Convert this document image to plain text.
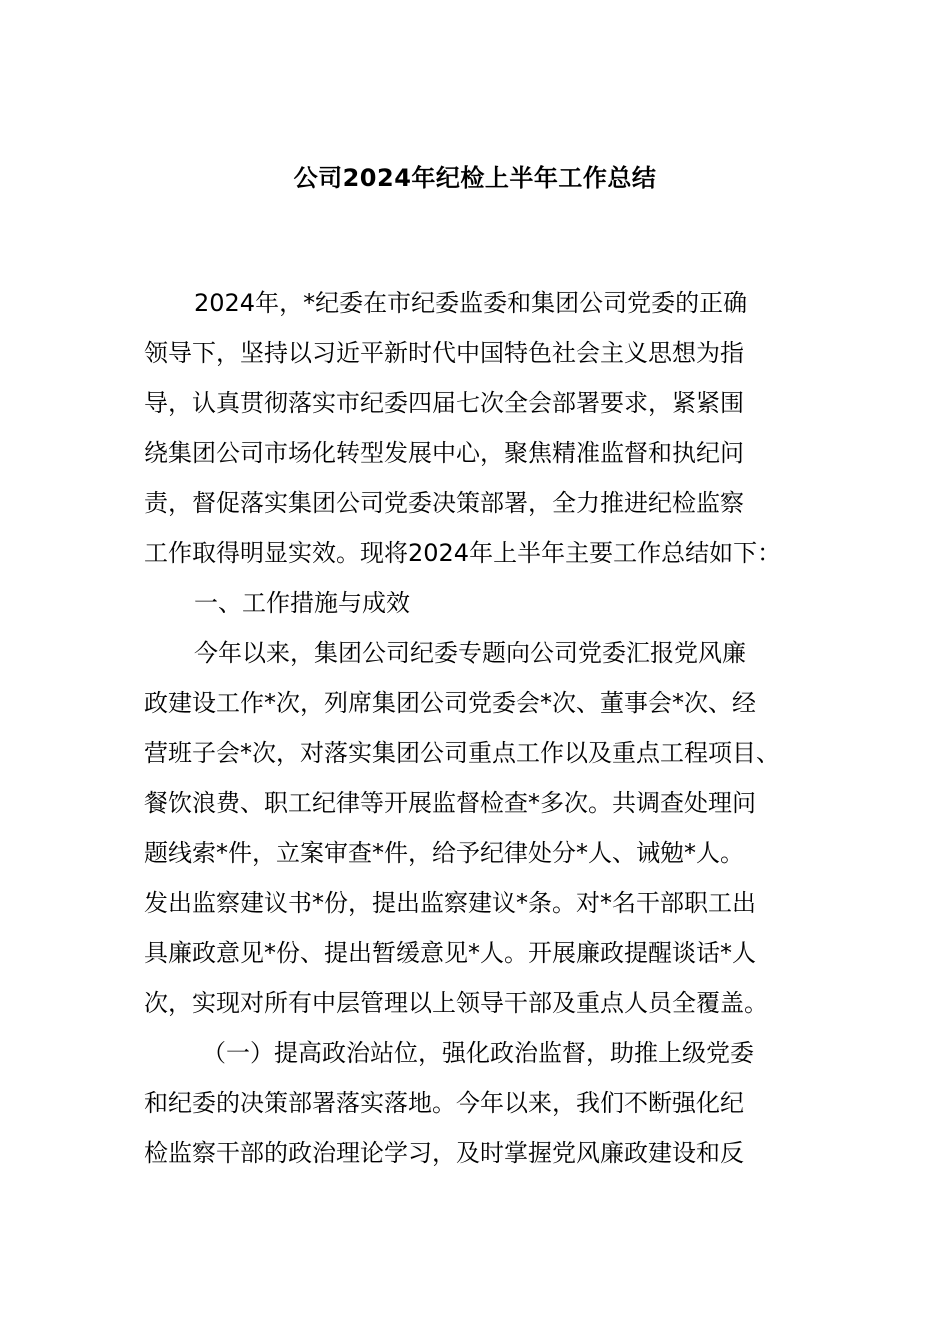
公司2024年纪检上半年工作总结
2024年，*纪委在市纪委监委和集团公司党委的正确
领导下，坚持以习近平新时代中国特色社会主义思想为指
导，认真贯彻落实市纪委四届七次全会部署要求，紧紧围
绕集团公司市场化转型发展中心，聚焦精准监督和执纪问
责，督促落实集团公司党委决策部署，全力推进纪检监察
工作取得明显实效。现将2024年上半年主要工作总结如下：
一、工作措施与成效
今年以来，集团公司纪委专题向公司党委汇报党风廉
政建设工作*次，列席集团公司党委会*次、董事会*次、经
营班子会*次，对落实集团公司重点工作以及重点工程项目、
餐饮浪费、职工纪律等开展监督检查*多次。共调查处理问
题线索*件，立案审查*件，给予纪律处分*人、诫勉*人。
发出监察建议书*份，提出监察建议*条。对*名干部职工出
具廉政意见*份、提出暂缓意见*人。开展廉政提醒谈话*人
次，实现对所有中层管理以上领导干部及重点人员全覆盖。
（一）提高政治站位，强化政治监督，助推上级党委
和纪委的决策部署落实落地。今年以来，我们不断强化纪
检监察干部的政治理论学习，及时掌握党风廉政建设和反
